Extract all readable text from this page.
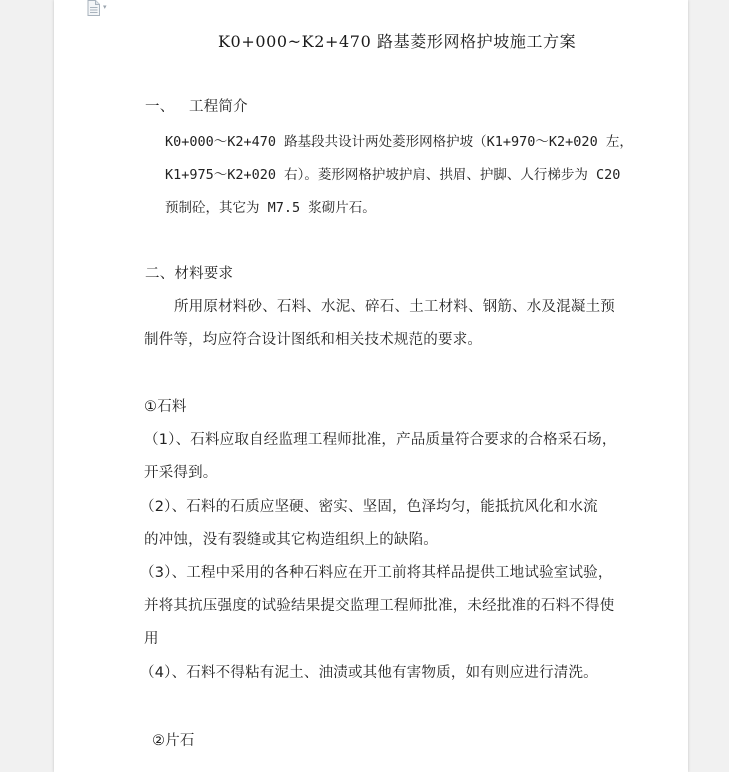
▾
K0+000~K2+470 路基菱形网格护坡施工方案
一、 工程简介
K0+000～K2+470 路基段共设计两处菱形网格护坡（K1+970～K2+020 左，
K1+975～K2+020 右）。菱形网格护坡护肩、拱眉、护脚、人行梯步为 C20
预制砼，其它为 M7.5 浆砌片石。
二、材料要求
所用原材料砂、石料、水泥、碎石、土工材料、钢筋、水及混凝土预
制件等，均应符合设计图纸和相关技术规范的要求。
①石料
（1）、石料应取自经监理工程师批准，产品质量符合要求的合格采石场，
开采得到。
（2）、石料的石质应坚硬、密实、坚固，色泽均匀，能抵抗风化和水流
的冲蚀，没有裂缝或其它构造组织上的缺陷。
（3）、工程中采用的各种石料应在开工前将其样品提供工地试验室试验，
并将其抗压强度的试验结果提交监理工程师批准，未经批准的石料不得使
用
（4）、石料不得粘有泥土、油渍或其他有害物质，如有则应进行清洗。
②片石
